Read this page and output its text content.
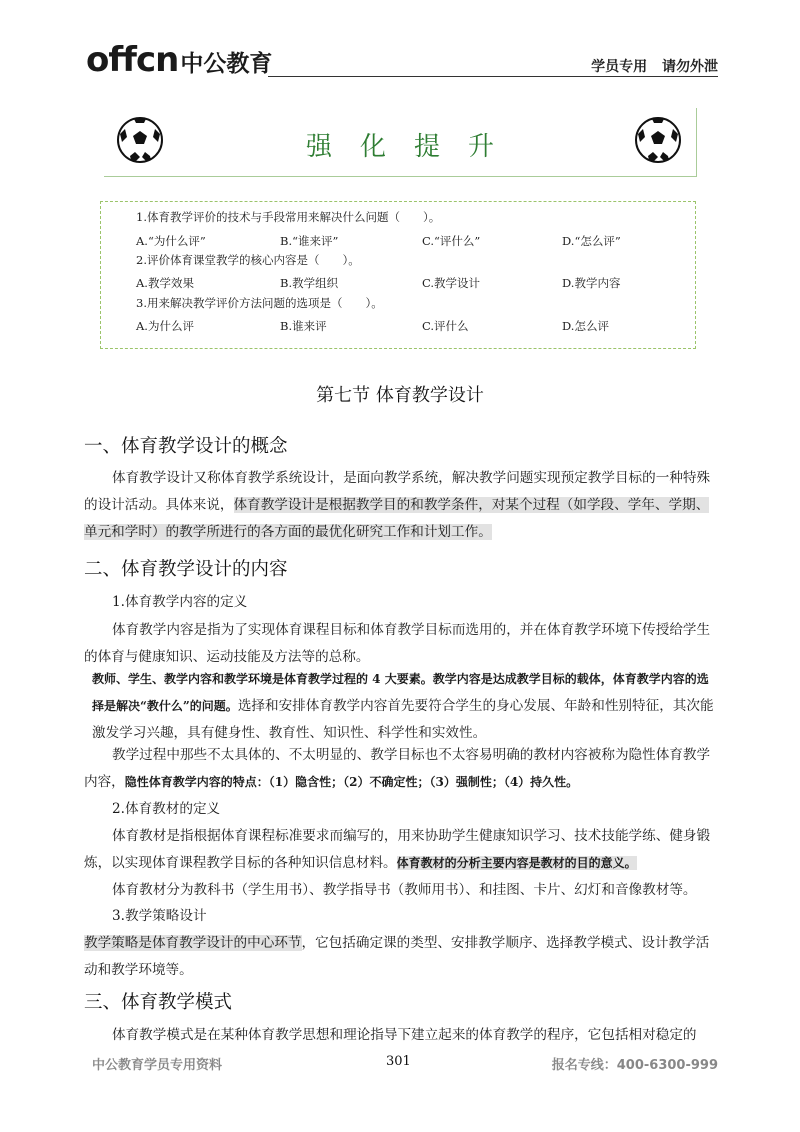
offcn中公教育	学员专用 请勿外泄
强化提升
1.体育教学评价的技术与手段常用来解决什么问题（　　）。
A.“为什么评”	B.“谁来评”	C.“评什么”	D.“怎么评”
2.评价体育课堂教学的核心内容是（　　）。
A.教学效果	B.教学组织	C.教学设计	D.教学内容
3.用来解决教学评价方法问题的选项是（　　）。
A.为什么评	B.谁来评	C.评什么	D.怎么评
第七节 体育教学设计
一、体育教学设计的概念
体育教学设计又称体育教学系统设计，是面向教学系统，解决教学问题实现预定教学目标的一种特殊的设计活动。具体来说，体育教学设计是根据教学目的和教学条件，对某个过程（如学段、学年、学期、单元和学时）的教学所进行的各方面的最优化研究工作和计划工作。
二、体育教学设计的内容
1.体育教学内容的定义
体育教学内容是指为了实现体育课程目标和体育教学目标而选用的，并在体育教学环境下传授给学生的体育与健康知识、运动技能及方法等的总称。
教师、学生、教学内容和教学环境是体育教学过程的 4 大要素。教学内容是达成教学目标的载体，体育教学内容的选择是解决“教什么”的问题。选择和安排体育教学内容首先要符合学生的身心发展、年龄和性别特征，其次能激发学习兴趣，具有健身性、教育性、知识性、科学性和实效性。
教学过程中那些不太具体的、不太明显的、教学目标也不太容易明确的教材内容被称为隐性体育教学内容，隐性体育教学内容的特点：（1）隐含性；（2）不确定性；（3）强制性；（4）持久性。
2.体育教材的定义
体育教材是指根据体育课程标准要求而编写的，用来协助学生健康知识学习、技术技能学练、健身锻炼，以实现体育课程教学目标的各种知识信息材料。体育教材的分析主要内容是教材的目的意义。
体育教材分为教科书（学生用书）、教学指导书（教师用书）、和挂图、卡片、幻灯和音像教材等。
3.教学策略设计
教学策略是体育教学设计的中心环节，它包括确定课的类型、安排教学顺序、选择教学模式、设计教学活动和教学环境等。
三、体育教学模式
体育教学模式是在某种体育教学思想和理论指导下建立起来的体育教学的程序，它包括相对稳定的
中公教育学员专用资料	301	报名专线：400-6300-999
